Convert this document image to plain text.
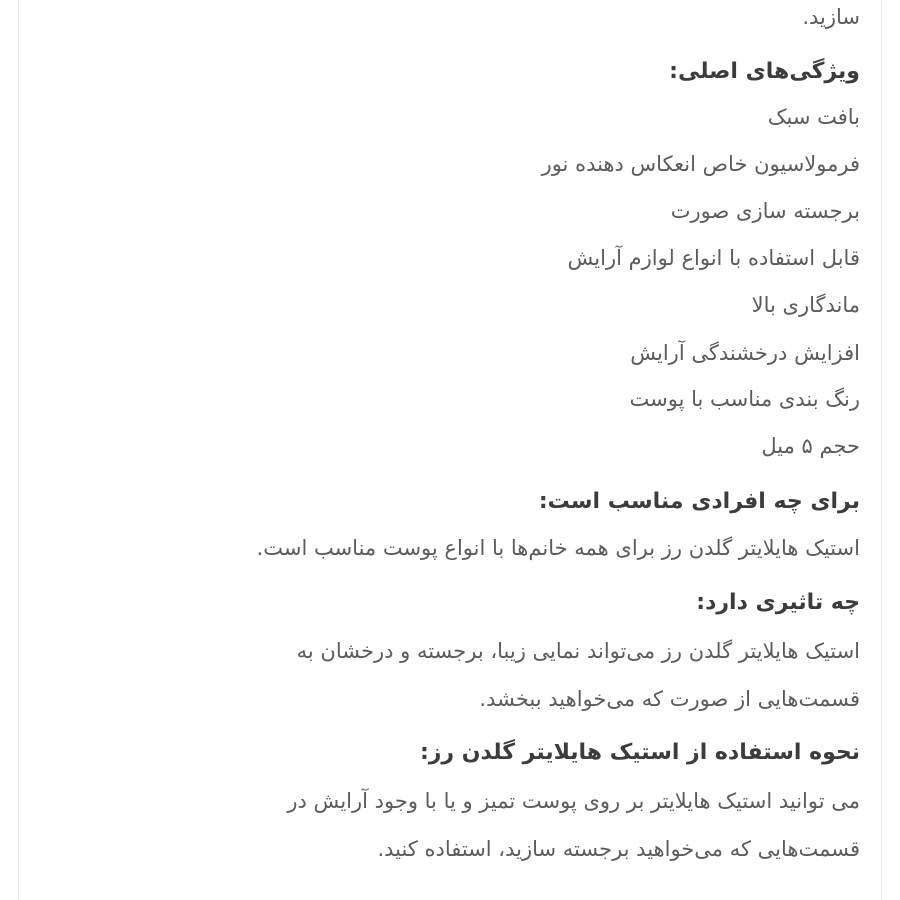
سازید.
ویژگی‌های اصلی:
بافت سبک
فرمولاسیون خاص انعکاس دهنده نور
برجسته سازی صورت
قابل استفاده با انواع لوازم آرایش
ماندگاری بالا
افزایش درخشندگی آرایش
رنگ بندی مناسب با پوست
حجم ۵ میل
برای چه افرادی مناسب است:
استیک هایلایتر گلدن رز برای همه خانم‌ها با انواع پوست مناسب است.
چه تاثیری دارد:
استیک هایلایتر گلدن رز می‌تواند نمایی زیبا، برجسته و درخشان به
قسمت‌هایی از صورت که می‌خواهید ببخشد.
نحوه استفاده از استیک هایلایتر گلدن رز:
می توانید استیک هایلایتر بر روی پوست تمیز و یا با وجود آرایش در
قسمت‌هایی که می‌خواهید برجسته سازید، استفاده کنید.
